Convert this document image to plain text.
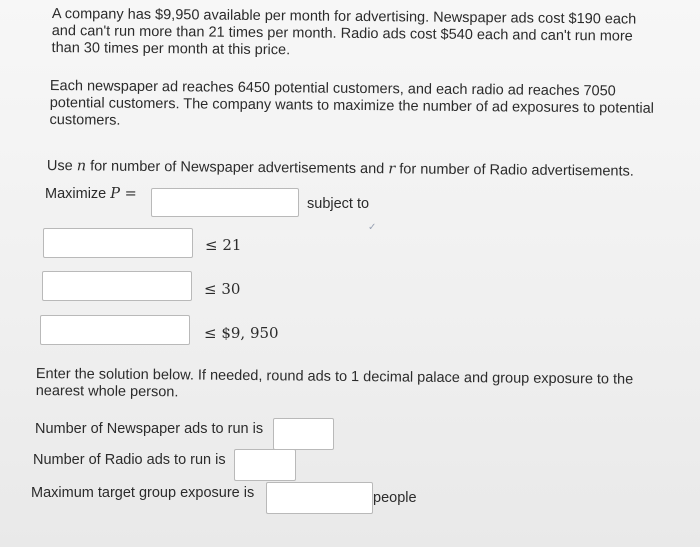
A company has $9,950 available per month for advertising. Newspaper ads cost $190 each and can't run more than 21 times per month. Radio ads cost $540 each and can't run more than 30 times per month at this price.
Each newspaper ad reaches 6450 potential customers, and each radio ad reaches 7050 potential customers. The company wants to maximize the number of ad exposures to potential customers.
Use n for number of Newspaper advertisements and r for number of Radio advertisements.
Maximize P =
subject to
✓
≤ 21
≤ 30
≤ $9, 950
Enter the solution below. If needed, round ads to 1 decimal palace and group exposure to the nearest whole person.
Number of Newspaper ads to run is
Number of Radio ads to run is
Maximum target group exposure is	people
